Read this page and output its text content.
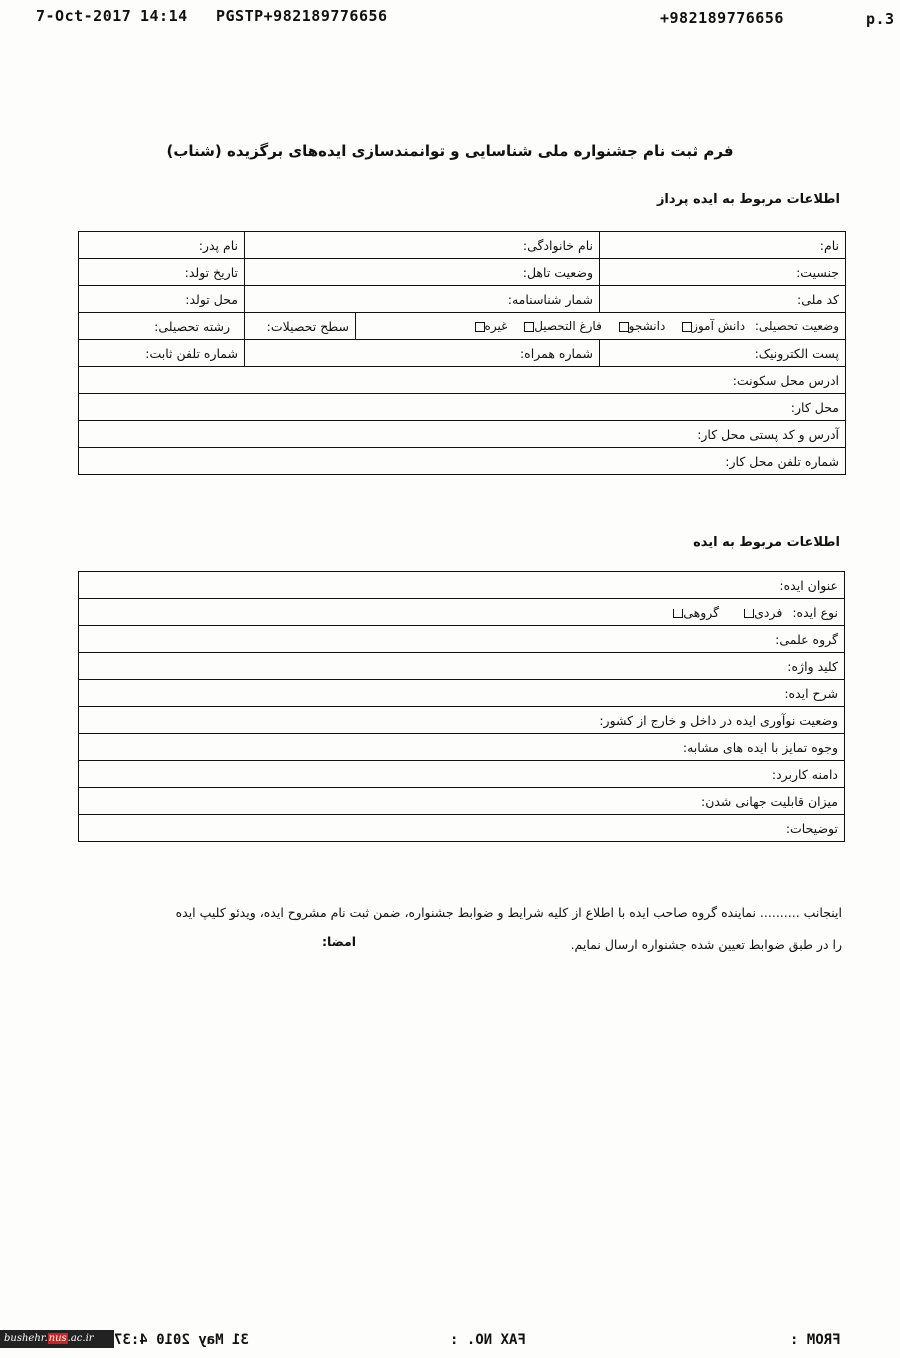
7-Oct-2017 14:14 PGSTP+982189776656	+982189776656	p.3
فرم ثبت نام جشنواره ملی شناسایی و توانمندسازی ایده‌های برگزیده (شناب)
اطلاعات مربوط به ایده پرداز
نام:	نام خانوادگی:		نام پدر:
جنسیت:	وضعیت تاهل:		تاریخ تولد:
کد ملی:	شمار شناسنامه:		محل تولد:
وضعیت تحصیلی: دانش آموز دانشجو فارغ التحصیل غیره		سطح تحصیلات:	رشته تحصیلی:
پست الکترونیک:	شماره همراه:		شماره تلفن ثابت:
ادرس محل سکونت:			
محل کار:			
آدرس و کد پستی محل کار:			
شماره تلفن محل کار:			
اطلاعات مربوط به ایده
عنوان ایده:
نوع ایده: فردی گروهی
گروه علمی:
کلید واژه:
شرح ایده:
وضعیت نوآوری ایده در داخل و خارج از کشور:
وجوه تمایز با ایده های مشابه:
دامنه کاربرد:
میزان قابلیت جهانی شدن:
توضیحات:
اینجانب .......... نماینده گروه صاحب ایده با اطلاع از کلیه شرایط و ضوابط جشنواره، ضمن ثبت نام مشروح ایده، ویدئو کلیپ ایده
را در طبق ضوابط تعیین شده جشنواره ارسال نمایم.
امضا:
bushehr.nus.ac.ir	31 May 2010 4:37	FAX NO. :	FROM :
